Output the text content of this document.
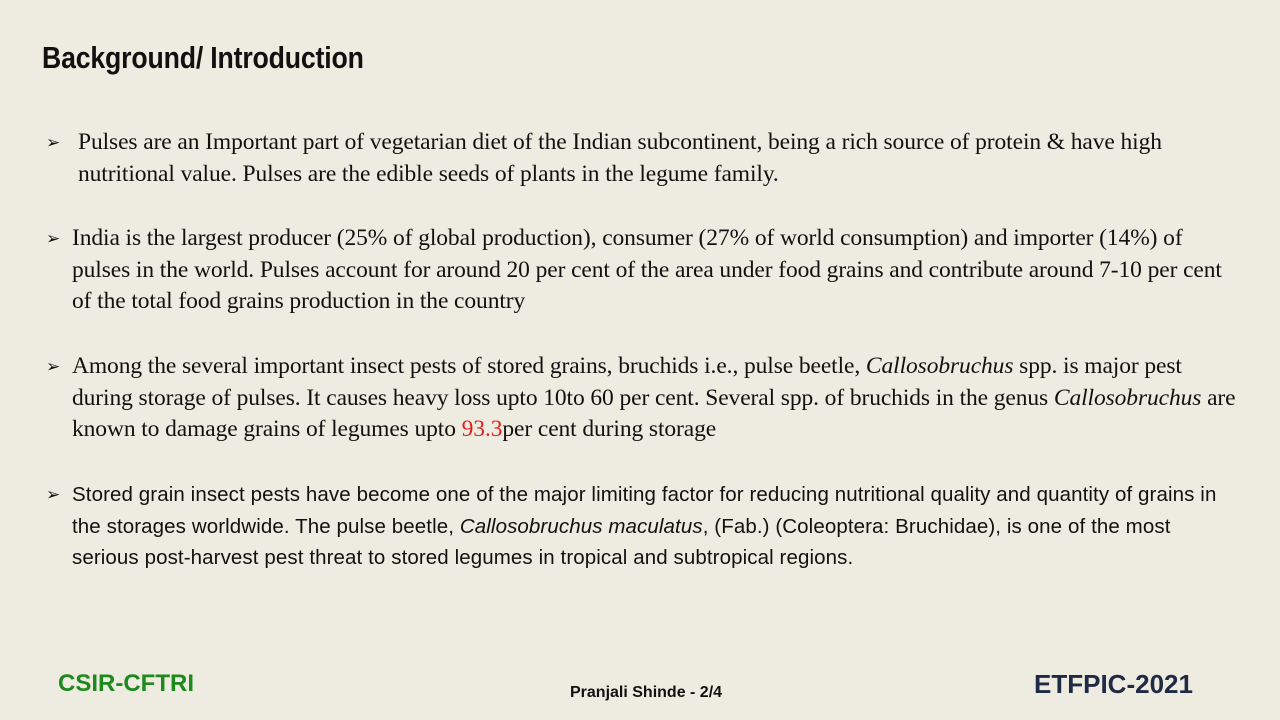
Background/ Introduction
➢ Pulses are an Important part of vegetarian diet of the Indian subcontinent, being a rich source of protein & have high nutritional value. Pulses are the edible seeds of plants in the legume family.
➢ India is the largest producer (25% of global production), consumer (27% of world consumption) and importer (14%) of pulses in the world. Pulses account for around 20 per cent of the area under food grains and contribute around 7-10 per cent of the total food grains production in the country
➢ Among the several important insect pests of stored grains, bruchids i.e., pulse beetle, Callosobruchus spp. is major pest during storage of pulses. It causes heavy loss upto 10to 60 per cent. Several spp. of bruchids in the genus Callosobruchus are known to damage grains of legumes upto 93.3per cent during storage
➢ Stored grain insect pests have become one of the major limiting factor for reducing nutritional quality and quantity of grains in the storages worldwide. The pulse beetle, Callosobruchus maculatus, (Fab.) (Coleoptera: Bruchidae), is one of the most serious post-harvest pest threat to stored legumes in tropical and subtropical regions.
CSIR-CFTRI	Pranjali Shinde - 2/4	ETFPIC-2021
